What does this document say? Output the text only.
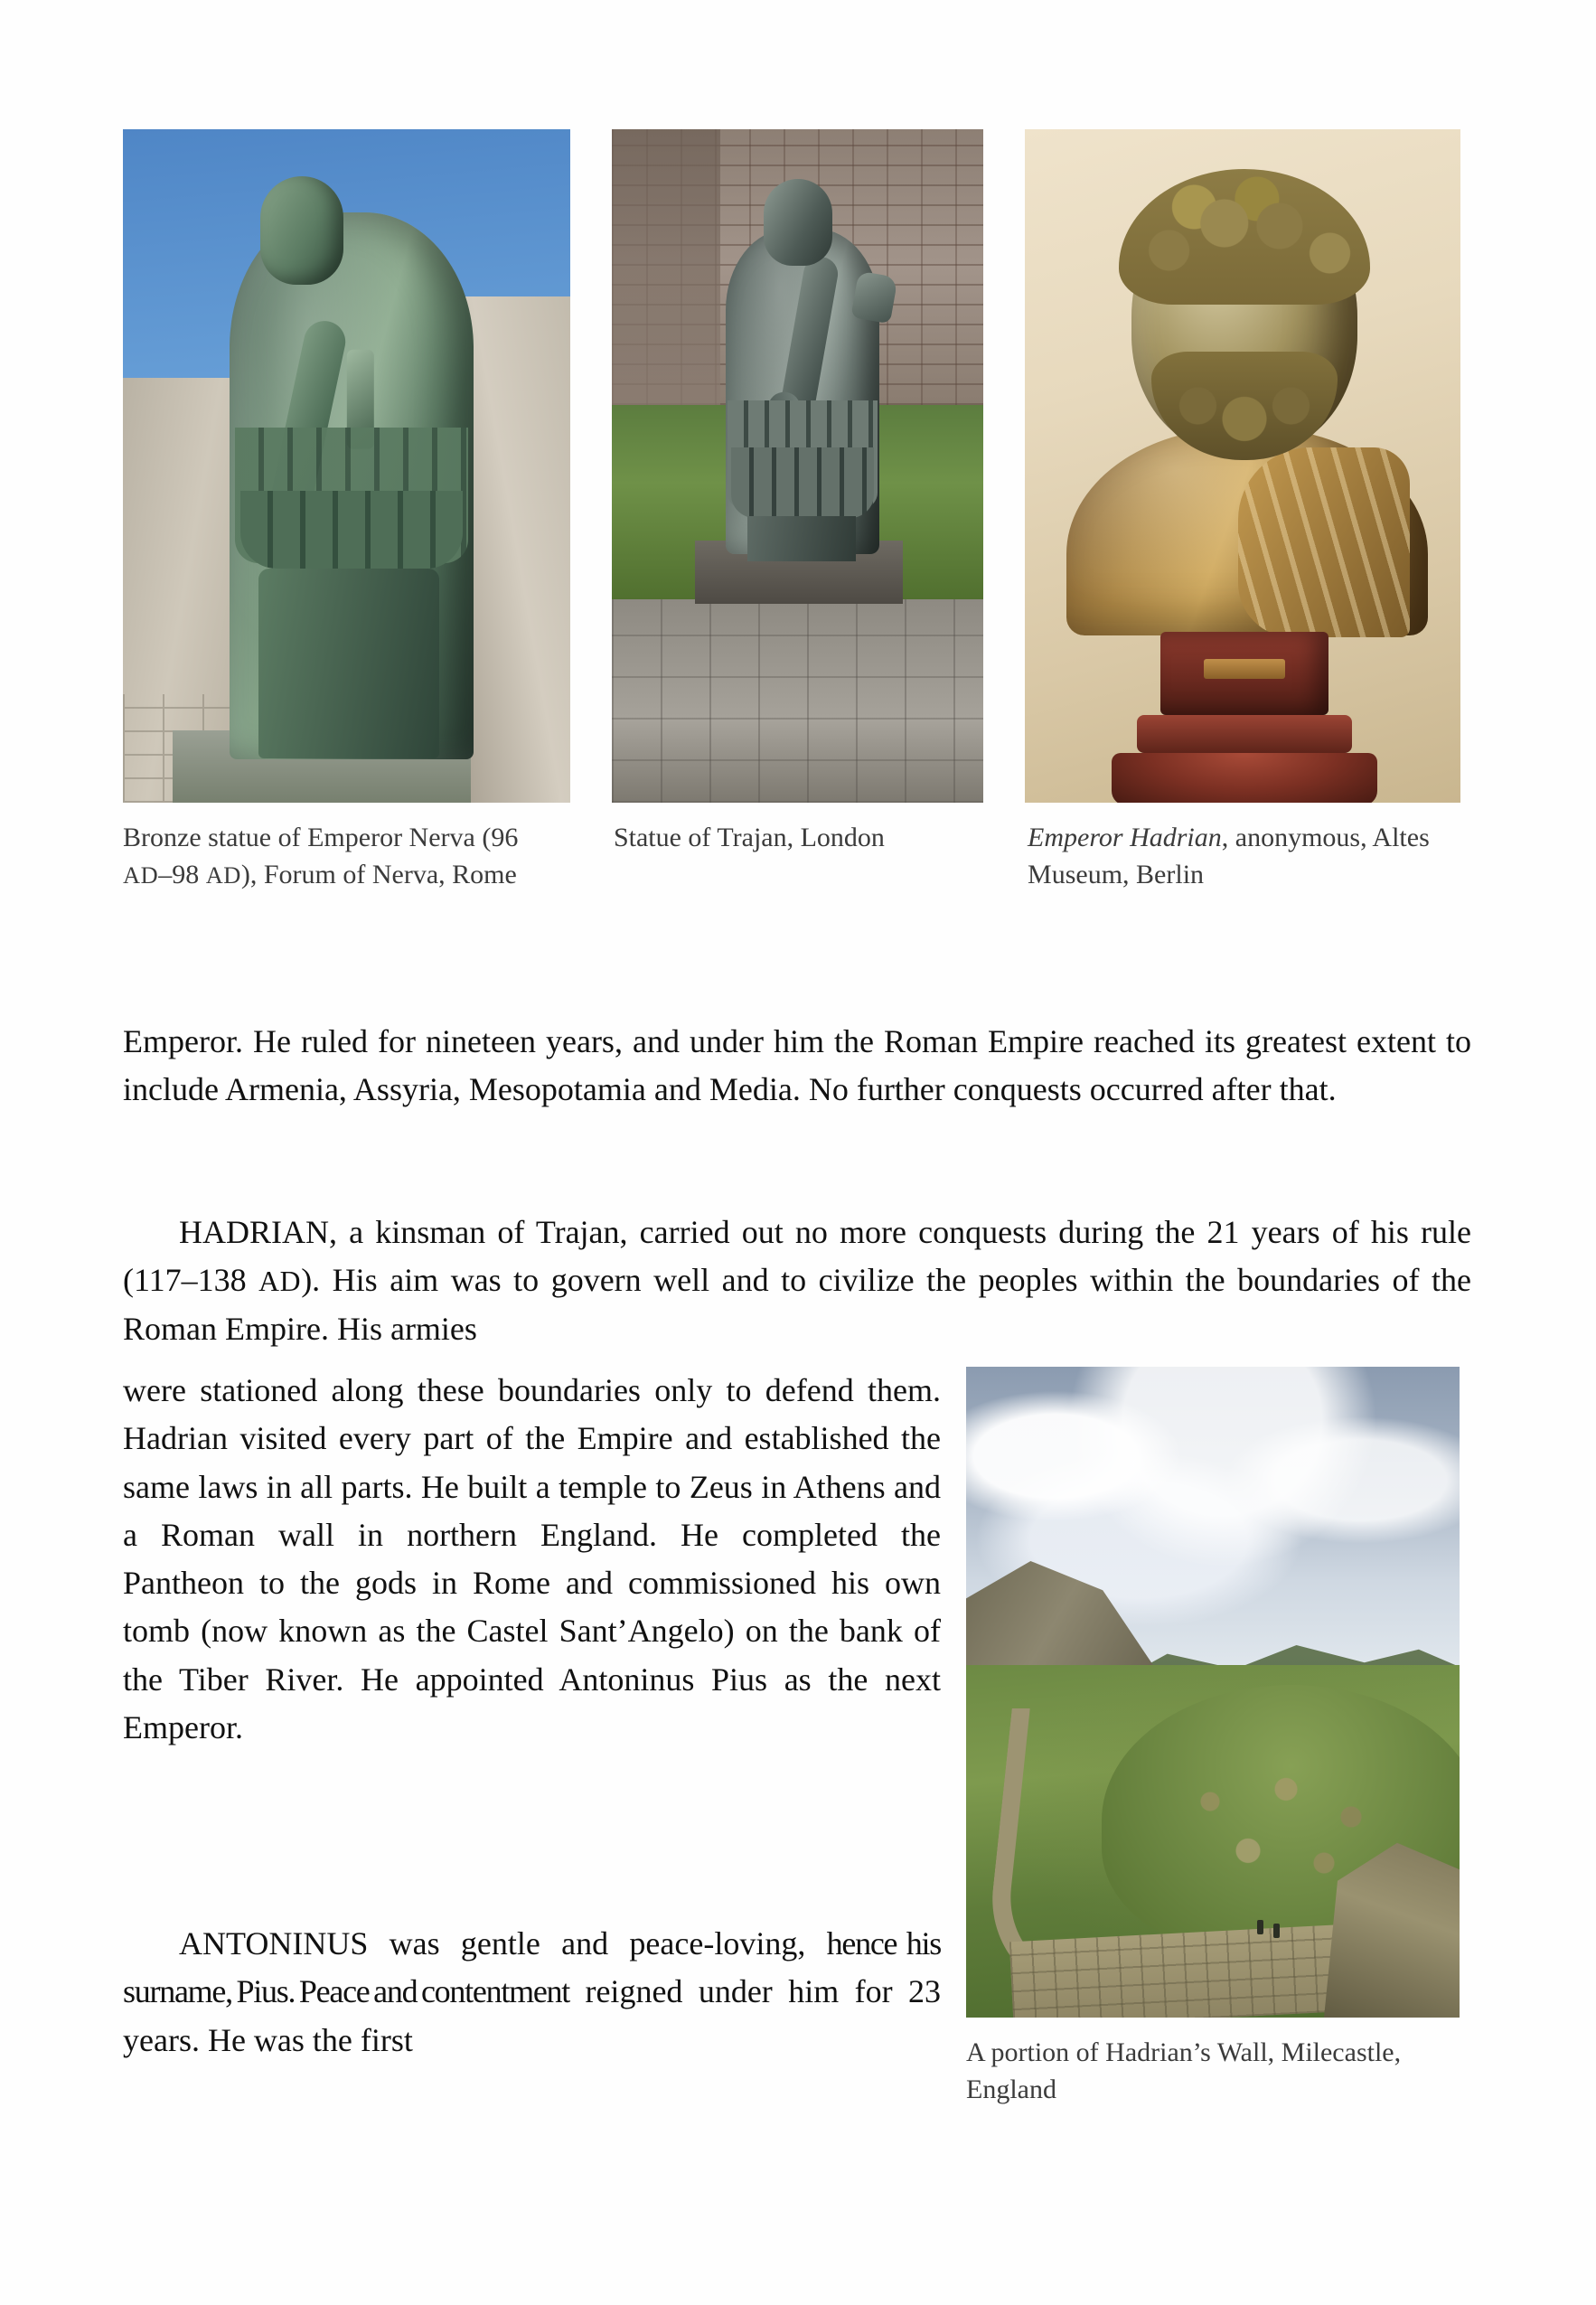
Bronze statue of Emperor Nerva (96 AD–98 AD), Forum of Nerva, Rome
Statue of Trajan, London	Emperor Hadrian, anonymous, Altes Museum, Berlin
Emperor. He ruled for nineteen years, and under him the Roman Empire reached its greatest extent to include Armenia, Assyria, Mesopotamia and Media. No further conquests occurred after that.
HADRIAN, a kinsman of Trajan, carried out no more conquests during the 21 years of his rule (117–138 AD). His aim was to govern well and to civilize the peoples within the boundaries of the Roman Empire. His armies
were stationed along these boundaries only to defend them. Hadrian visited every part of the Empire and established the same laws in all parts. He built a temple to Zeus in Athens and a Roman wall in northern England. He completed the Pantheon to the gods in Rome and commissioned his own tomb (now known as the Castel Sant’Angelo) on the bank of the Tiber River. He appointed Antoninus Pius as the next Emperor.
ANTONINUS was gentle and peace-loving, hence his surname, Pius. Peace and contentment reigned under him for 23 years. He was the first	A portion of Hadrian’s Wall, Milecastle, England
